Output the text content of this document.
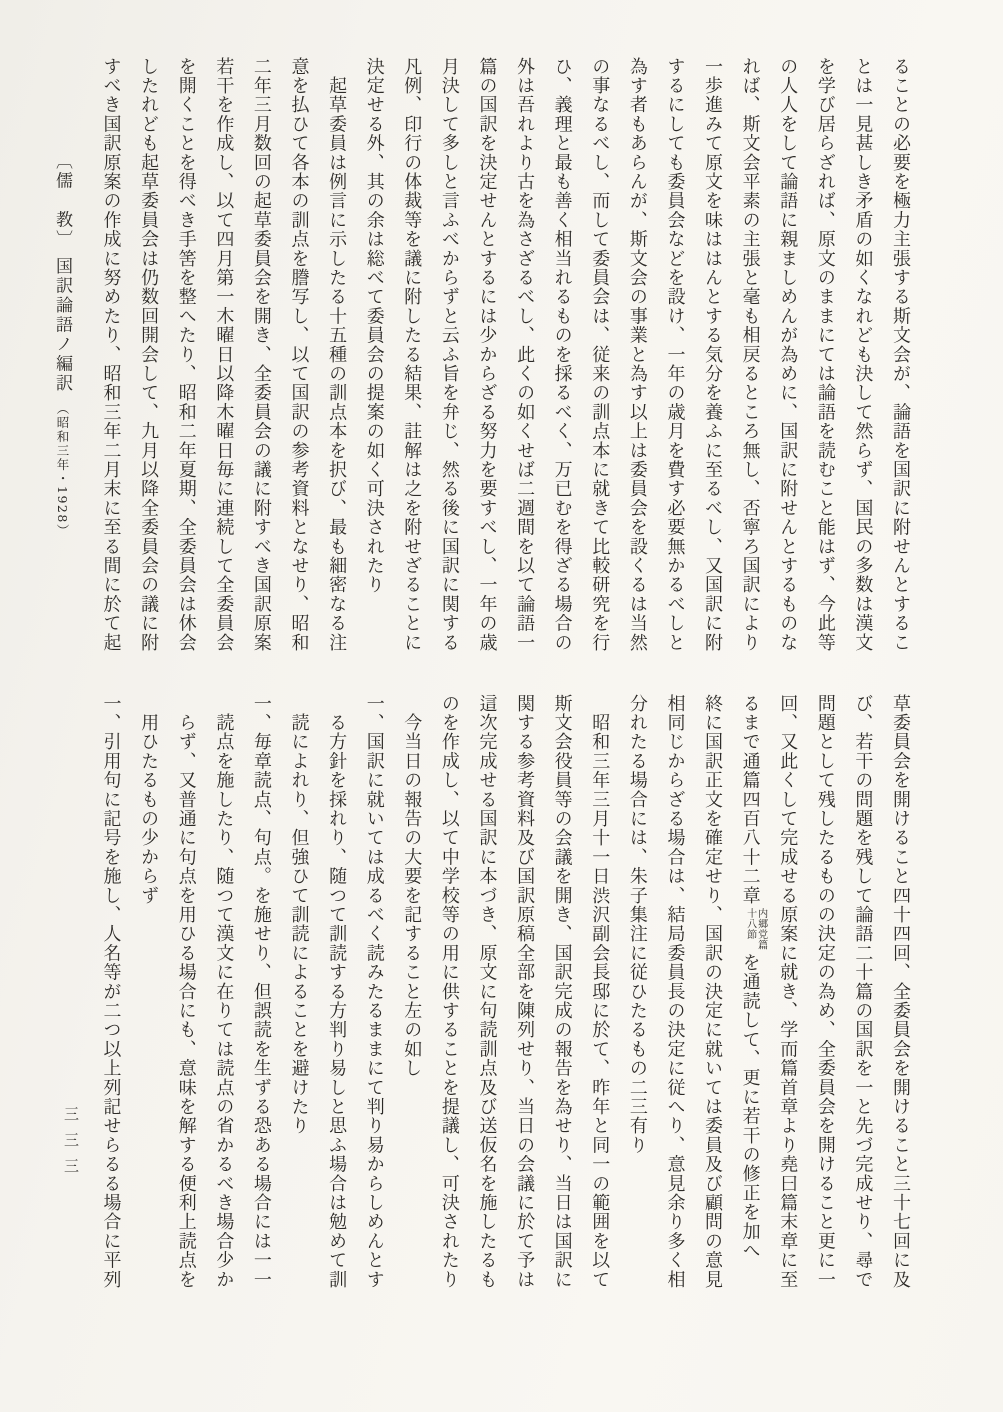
ることの必要を極力主張する斯文会が、論語を国訳に附せんとするこ
とは一見甚しき矛盾の如くなれども決して然らず、国民の多数は漢文
を学び居らざれば、原文のままにては論語を読むこと能はず、今此等
の人人をして論語に親ましめんが為めに、国訳に附せんとするものな
れば、斯文会平素の主張と毫も相戻るところ無し、否寧ろ国訳により
一歩進みて原文を味ははんとする気分を養ふに至るべし、又国訳に附
するにしても委員会などを設け、一年の歳月を費す必要無かるべしと
為す者もあらんが、斯文会の事業と為す以上は委員会を設くるは当然
の事なるべし、而して委員会は、従来の訓点本に就きて比較研究を行
ひ、義理と最も善く相当れるものを採るべく、万已むを得ざる場合の
外は吾れより古を為さざるべし、此くの如くせば二週間を以て論語一
篇の国訳を決定せんとするには少からざる努力を要すべし、一年の歳
月決して多しと言ふべからずと云ふ旨を弁じ、然る後に国訳に関する
凡例、印行の体裁等を議に附したる結果、註解は之を附せざることに
決定せる外、其の余は総べて委員会の提案の如く可決されたり
　起草委員は例言に示したる十五種の訓点本を択び、最も細密なる注
意を払ひて各本の訓点を謄写し、以て国訳の参考資料となせり、昭和
二年三月数回の起草委員会を開き、全委員会の議に附すべき国訳原案
若干を作成し、以て四月第一木曜日以降木曜日毎に連続して全委員会
を開くことを得べき手筈を整へたり、昭和二年夏期、全委員会は休会
したれども起草委員会は仍数回開会して、九月以降全委員会の議に附
すべき国訳原案の作成に努めたり、昭和三年二月末に至る間に於て起
〔儒　教〕 国訳論語ノ編訳 （昭和三年・1928）
草委員会を開けること四十四回、全委員会を開けること三十七回に及
び、若干の問題を残して論語二十篇の国訳を一と先づ完成せり、尋で
問題として残したるものの決定の為め、全委員会を開けること更に一
回、又此くして完成せる原案に就き、学而篇首章より堯曰篇末章に至
るまで通篇四百八十二章
内郷党篇
十八節
を通読して、更に若干の修正を加へ
終に国訳正文を確定せり、国訳の決定に就いては委員及び顧問の意見
相同じからざる場合は、結局委員長の決定に従へり、意見余り多く相
分れたる場合には、朱子集注に従ひたるもの二三有り
　昭和三年三月十一日渋沢副会長邸に於て、昨年と同一の範囲を以て
斯文会役員等の会議を開き、国訳完成の報告を為せり、当日は国訳に
関する参考資料及び国訳原稿全部を陳列せり、当日の会議に於て予は
這次完成せる国訳に本づき、原文に句読訓点及び送仮名を施したるも
のを作成し、以て中学校等の用に供することを提議し、可決されたり
　今当日の報告の大要を記すること左の如し
一、国訳に就いては成るべく読みたるままにて判り易からしめんとす
　る方針を採れり、随つて訓読する方判り易しと思ふ場合は勉めて訓
　読によれり、但強ひて訓読によることを避けたり
一、毎章読点、句点。を施せり、但誤読を生ずる恐ある場合には一一
　読点を施したり、随つて漢文に在りては読点の省かるべき場合少か
　らず、又普通に句点を用ひる場合にも、意味を解する便利上読点を
　用ひたるもの少からず
一、引用句に記号を施し、人名等が二つ以上列記せらるる場合に平列
三三三
